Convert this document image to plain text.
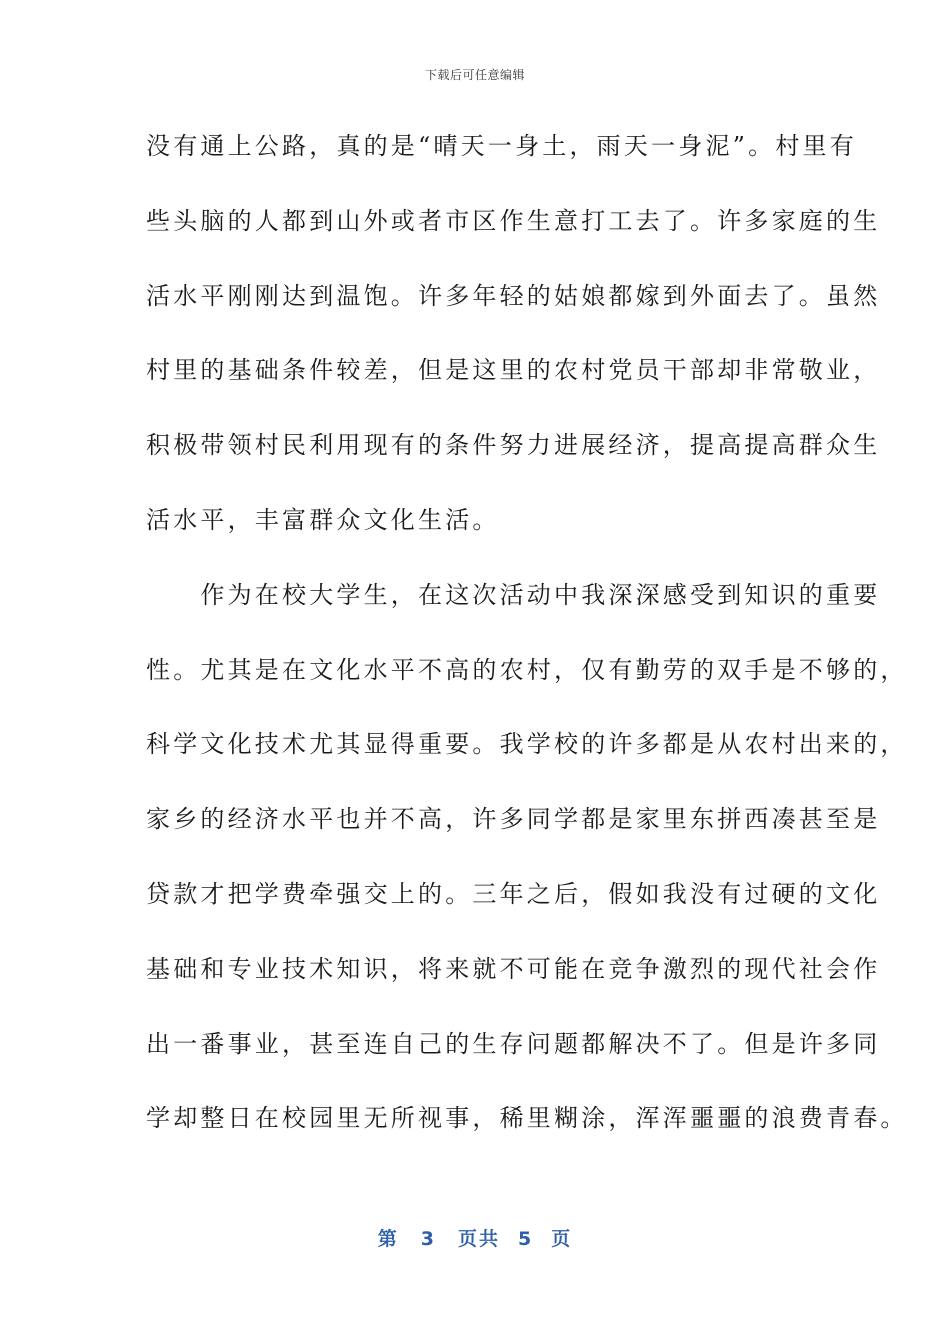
下载后可任意编辑
没有通上公路，真的是“晴天一身土，雨天一身泥”。村里有
些头脑的人都到山外或者市区作生意打工去了。许多家庭的生
活水平刚刚达到温饱。许多年轻的姑娘都嫁到外面去了。虽然
村里的基础条件较差，但是这里的农村党员干部却非常敬业，
积极带领村民利用现有的条件努力进展经济，提高提高群众生
活水平，丰富群众文化生活。
　　作为在校大学生，在这次活动中我深深感受到知识的重要
性。尤其是在文化水平不高的农村，仅有勤劳的双手是不够的，
科学文化技术尤其显得重要。我学校的许多都是从农村出来的，
家乡的经济水平也并不高，许多同学都是家里东拼西凑甚至是
贷款才把学费牵强交上的。三年之后，假如我没有过硬的文化
基础和专业技术知识，将来就不可能在竞争激烈的现代社会作
出一番事业，甚至连自己的生存问题都解决不了。但是许多同
学却整日在校园里无所视事，稀里糊涂，浑浑噩噩的浪费青春。
第 3 页共 5 页
